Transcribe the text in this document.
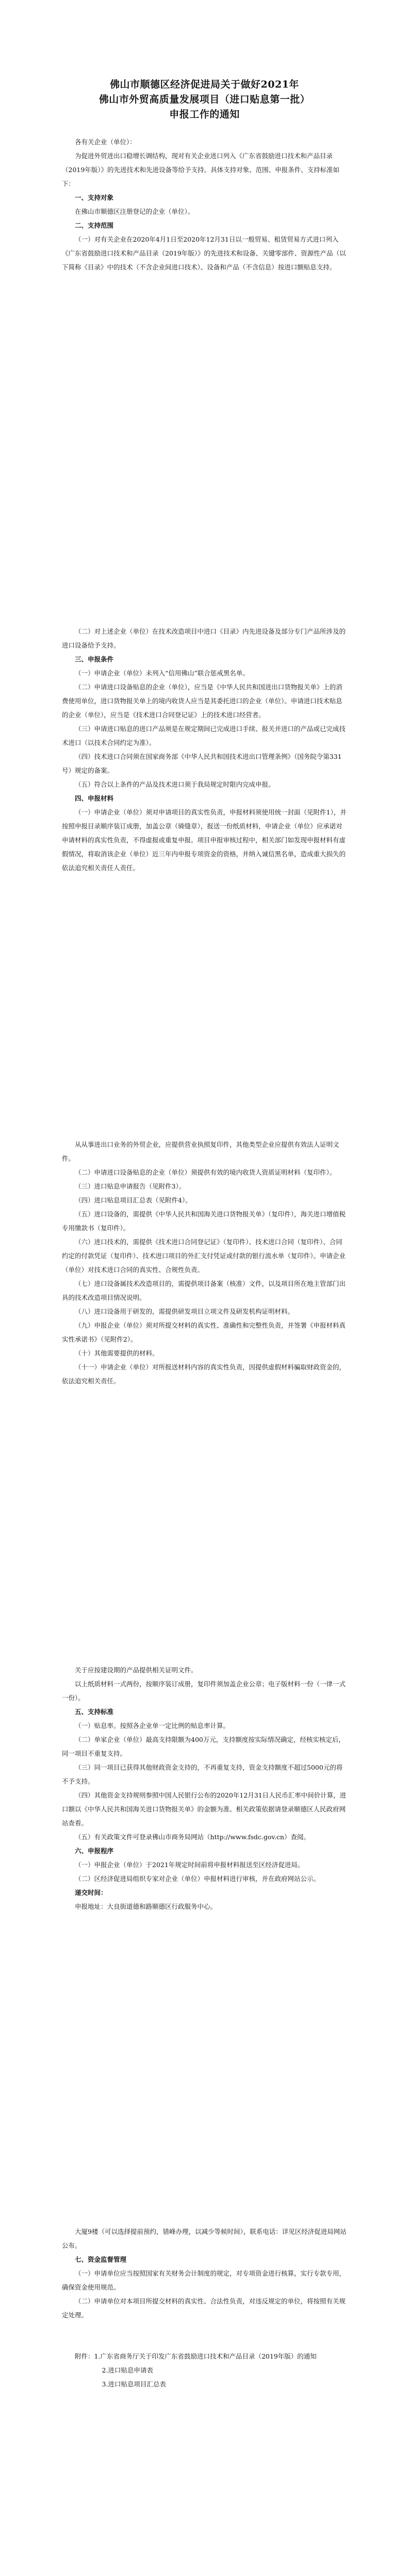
佛山市顺德区经济促进局关于做好2021年
佛山市外贸高质量发展项目（进口贴息第一批）
申报工作的通知

各有关企业（单位）：

为促进外贸进出口稳增长调结构，现对有关企业进口列入《广东省鼓励进口技术和产品目录（2019年版）》的先进技术和先进设备等给予支持。具体支持对象、范围、申报条件、支持标准如下：

一、支持对象

在佛山市顺德区注册登记的企业（单位）。

二、支持范围

（一）对有关企业在2020年4月1日至2020年12月31日以一般贸易、租赁贸易方式进口列入《广东省鼓励进口技术和产品目录（2019年版）》的先进技术和设备、关键零部件、资源性产品（以下简称《目录》中的技术（不含企业间进口技术）、设备和产品（不含信息）按进口额贴息支持。

（二）对上述企业（单位）在技术改造项目中进口《目录》内先进设备及部分专门产品所涉及的进口设备给予支持。

三、申报条件

（一）申请企业（单位）未列入“信用佛山”联合惩戒黑名单。

（二）申请进口设备贴息的企业（单位），应当是《中华人民共和国进出口货物报关单》上的消费使用单位，进口货物报关单上的境内收货人应当是其委托进口的企业（单位）。申请进口技术贴息的企业（单位），应当是《技术进口合同登记证》上的技术进口经营者。

（三）申请进口贴息的进口产品须是在规定期间已完成进口手续、报关并进口的产品或已完成技术进口（以技术合同约定为准）。

（四）技术进口合同须在国家商务部《中华人民共和国技术进出口管理条例》（国务院令第331号）规定的备案。

（五）符合以上条件的产品及技术进口须于我局规定时限内完成申报。

四、申报材料

（一）申请企业（单位）须对申请项目的真实性负责，申报材料须使用统一封面（见附件1），并按照申报目录顺序装订成册，加盖公章（骑缝章），报送一份纸质材料，申请企业（单位）应承诺对申请材料的真实性负责，不得虚报或重复申报。项目申报审核过程中，相关部门如发现申报材料有虚假情况，将取消该企业（单位）近三年内申报专项资金的资格，并纳入诚信黑名单，造成重大损失的依法追究相关责任人责任。

从从事进出口业务的外贸企业，应提供营业执照复印件，其他类型企业应提供有效法人证明文件。

（二）申请进口设备贴息的企业（单位）须提供有效的境内收货人资质证明材料（复印件）。

（三）进口贴息申请报告（见附件3）。

（四）进口贴息项目汇总表（见附件4）。

（五）进口设备的，需提供《中华人民共和国海关进口货物报关单》（复印件），海关进口增值税专用缴款书（复印件）。

（六）进口技术的，需提供《技术进口合同登记证》（复印件）、技术进口合同（复印件）、合同约定的付款凭证（复印件）、技术进口项目的外汇支付凭证或付款的银行流水单（复印件）。申请企业（单位）对技术进口合同的真实性、合规性负责。

（七）进口设备属技术改造项目的，需提供项目备案（核准）文件，以及项目所在地主管部门出具的技术改造项目情况说明。

（八）进口设备用于研发的，需提供研发项目立项文件及研发机构证明材料。

（九）申报企业（单位）须对所提交材料的真实性、准确性和完整性负责，并签署《申报材料真实性承诺书》（见附件2）。

（十）其他需要提供的材料。

（十一）申请企业（单位）对所报送材料内容的真实性负责，因提供虚假材料骗取财政资金的，依法追究相关责任。

关于应按建设期的产品提供相关证明文件。

以上纸质材料一式两份，按顺序装订成册，复印件须加盖企业公章；电子版材料一份（一律一式一份）。

五、支持标准

（一）贴息率。按照各企业单一定比例的贴息率计算。

（二）单家企业（单位）最高支持限额为400万元，支持额度按实际情况确定，经核实核定后，同一项目不重复支持。

（三）同一项目已获得其他财政资金支持的，不再重复支持，资金支持额度不超过5000元的将不予支持。

（四）其他资金支持规则参照中国人民银行公布的2020年12月31日人民币汇率中间价计算，进口额以《中华人民共和国海关进口货物报关单》的金额为准。相关政策依据请登录顺德区人民政府网站查看。

（五）有关政策文件可登录佛山市商务局网站（http://www.fsdc.gov.cn）查阅。

六、申报程序

（一）申报企业（单位）于2021年规定时间前将申报材料报送至区经济促进局。

（二）区经济促进局组织专家对企业（单位）申报材料进行审核，并在政府网站公示。

递交时间：

申报地址：大良街道德和路顺德区行政服务中心。

大厦9楼（可以选择提前预约，错峰办理，以减少等候时间），联系电话：详见区经济促进局网站公布。

七、资金监督管理

（一）申请单位应当按照国家有关财务会计制度的规定，对专项资金进行核算，实行专款专用，确保资金使用规范。

（二）申请单位对本项目所提交材料的真实性、合法性负责，对违反规定的单位，将按照有关规定处理。

附件：1.广东省商务厅关于印发广东省鼓励进口技术和产品目录（2019年版）的通知

2.进口贴息申请表

3.进口贴息项目汇总表
